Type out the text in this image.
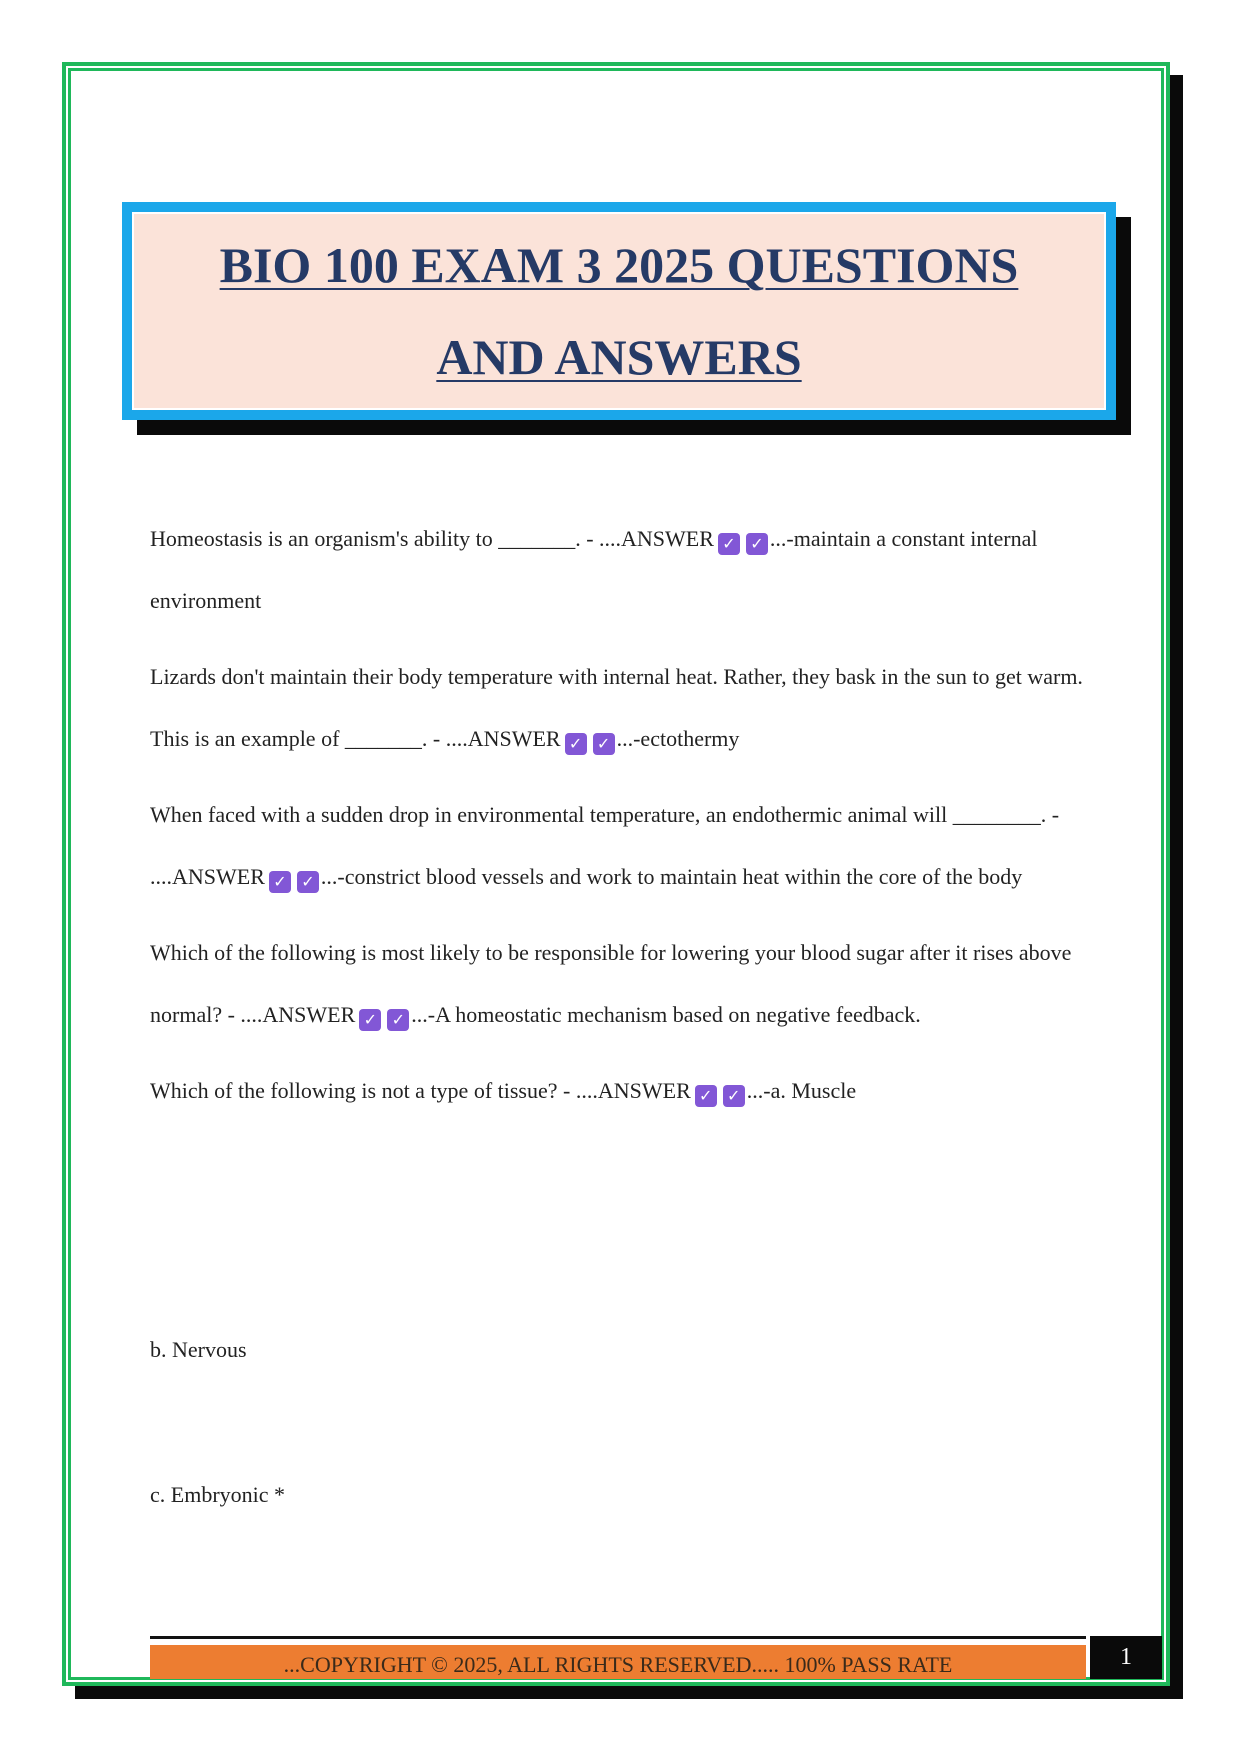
BIO 100 EXAM 3 2025 QUESTIONS
AND ANSWERS

Homeostasis is an organism's ability to _______. - ....ANSWER ✓ ✓ ...-maintain a constant internal environment

Lizards don't maintain their body temperature with internal heat. Rather, they bask in the sun to get warm. This is an example of _______. - ....ANSWER ✓ ✓ ...-ectothermy

When faced with a sudden drop in environmental temperature, an endothermic animal will ________. - ....ANSWER ✓ ✓ ...-constrict blood vessels and work to maintain heat within the core of the body

Which of the following is most likely to be responsible for lowering your blood sugar after it rises above normal? - ....ANSWER ✓ ✓ ...-A homeostatic mechanism based on negative feedback.

Which of the following is not a type of tissue? - ....ANSWER ✓ ✓ ...-a. Muscle

b. Nervous
c. Embryonic *
...COPYRIGHT © 2025, ALL RIGHTS RESERVED..... 100% PASS RATE	1
